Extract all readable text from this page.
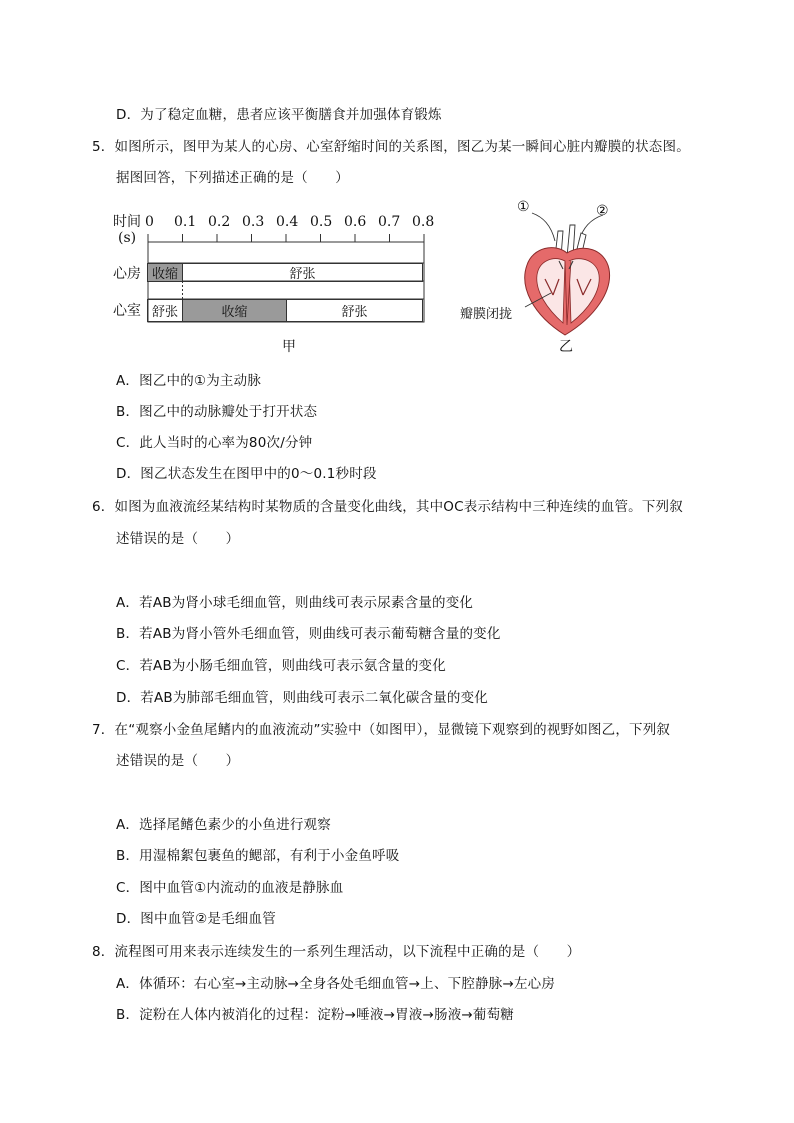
D．为了稳定血糖，患者应该平衡膳食并加强体育锻炼
5．如图所示，图甲为某人的心房、心室舒缩时间的关系图，图乙为某一瞬间心脏内瓣膜的状态图。
据图回答，下列描述正确的是（　　）
时间
(s)
0 0.1 0.2 0.3 0.4 0.5 0.6 0.7 0.8
心房
心室
收缩	舒张
舒张	收缩	舒张
甲
①	②
瓣膜闭拢
乙
A．图乙中的①为主动脉
B．图乙中的动脉瓣处于打开状态
C．此人当时的心率为80次/分钟
D．图乙状态发生在图甲中的0～0.1秒时段
6．如图为血液流经某结构时某物质的含量变化曲线，其中OC表示结构中三种连续的血管。下列叙
述错误的是（　　）
A．若AB为肾小球毛细血管，则曲线可表示尿素含量的变化
B．若AB为肾小管外毛细血管，则曲线可表示葡萄糖含量的变化
C．若AB为小肠毛细血管，则曲线可表示氨含量的变化
D．若AB为肺部毛细血管，则曲线可表示二氧化碳含量的变化
7．在“观察小金鱼尾鳍内的血液流动”实验中（如图甲），显微镜下观察到的视野如图乙，下列叙
述错误的是（　　）
A．选择尾鳍色素少的小鱼进行观察
B．用湿棉絮包裹鱼的鳃部，有利于小金鱼呼吸
C．图中血管①内流动的血液是静脉血
D．图中血管②是毛细血管
8．流程图可用来表示连续发生的一系列生理活动，以下流程中正确的是（　　）
A．体循环：右心室→主动脉→全身各处毛细血管→上、下腔静脉→左心房
B．淀粉在人体内被消化的过程：淀粉→唾液→胃液→肠液→葡萄糖
